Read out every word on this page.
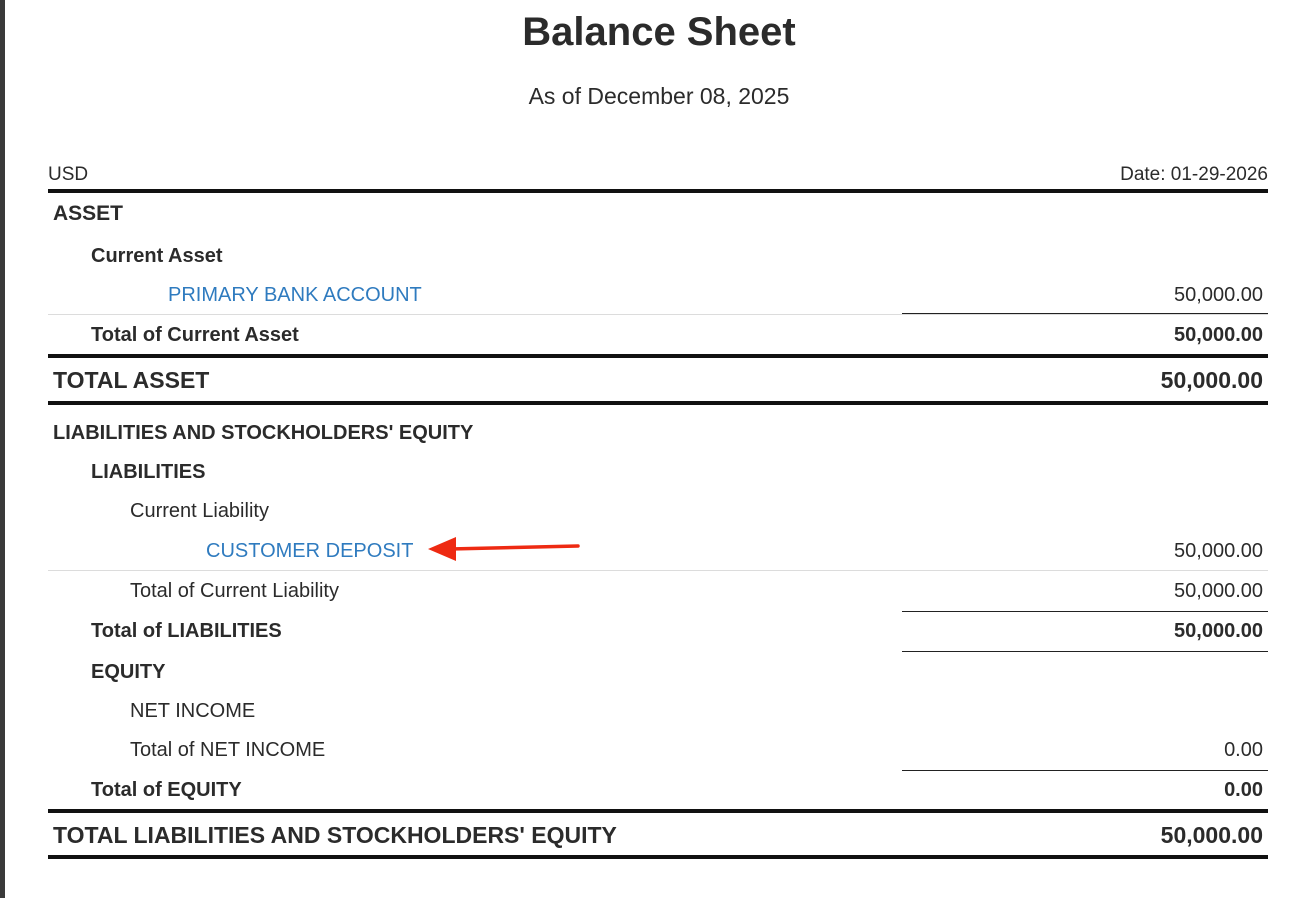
Balance Sheet
As of December 08, 2025
USD	Date: 01-29-2026
ASSET
Current Asset
PRIMARY BANK ACCOUNT	50,000.00
Total of Current Asset	50,000.00
TOTAL ASSET	50,000.00
LIABILITIES AND STOCKHOLDERS' EQUITY
LIABILITIES
Current Liability
CUSTOMER DEPOSIT	50,000.00
Total of Current Liability	50,000.00
Total of LIABILITIES	50,000.00
EQUITY
NET INCOME
Total of NET INCOME	0.00
Total of EQUITY	0.00
TOTAL LIABILITIES AND STOCKHOLDERS' EQUITY	50,000.00
